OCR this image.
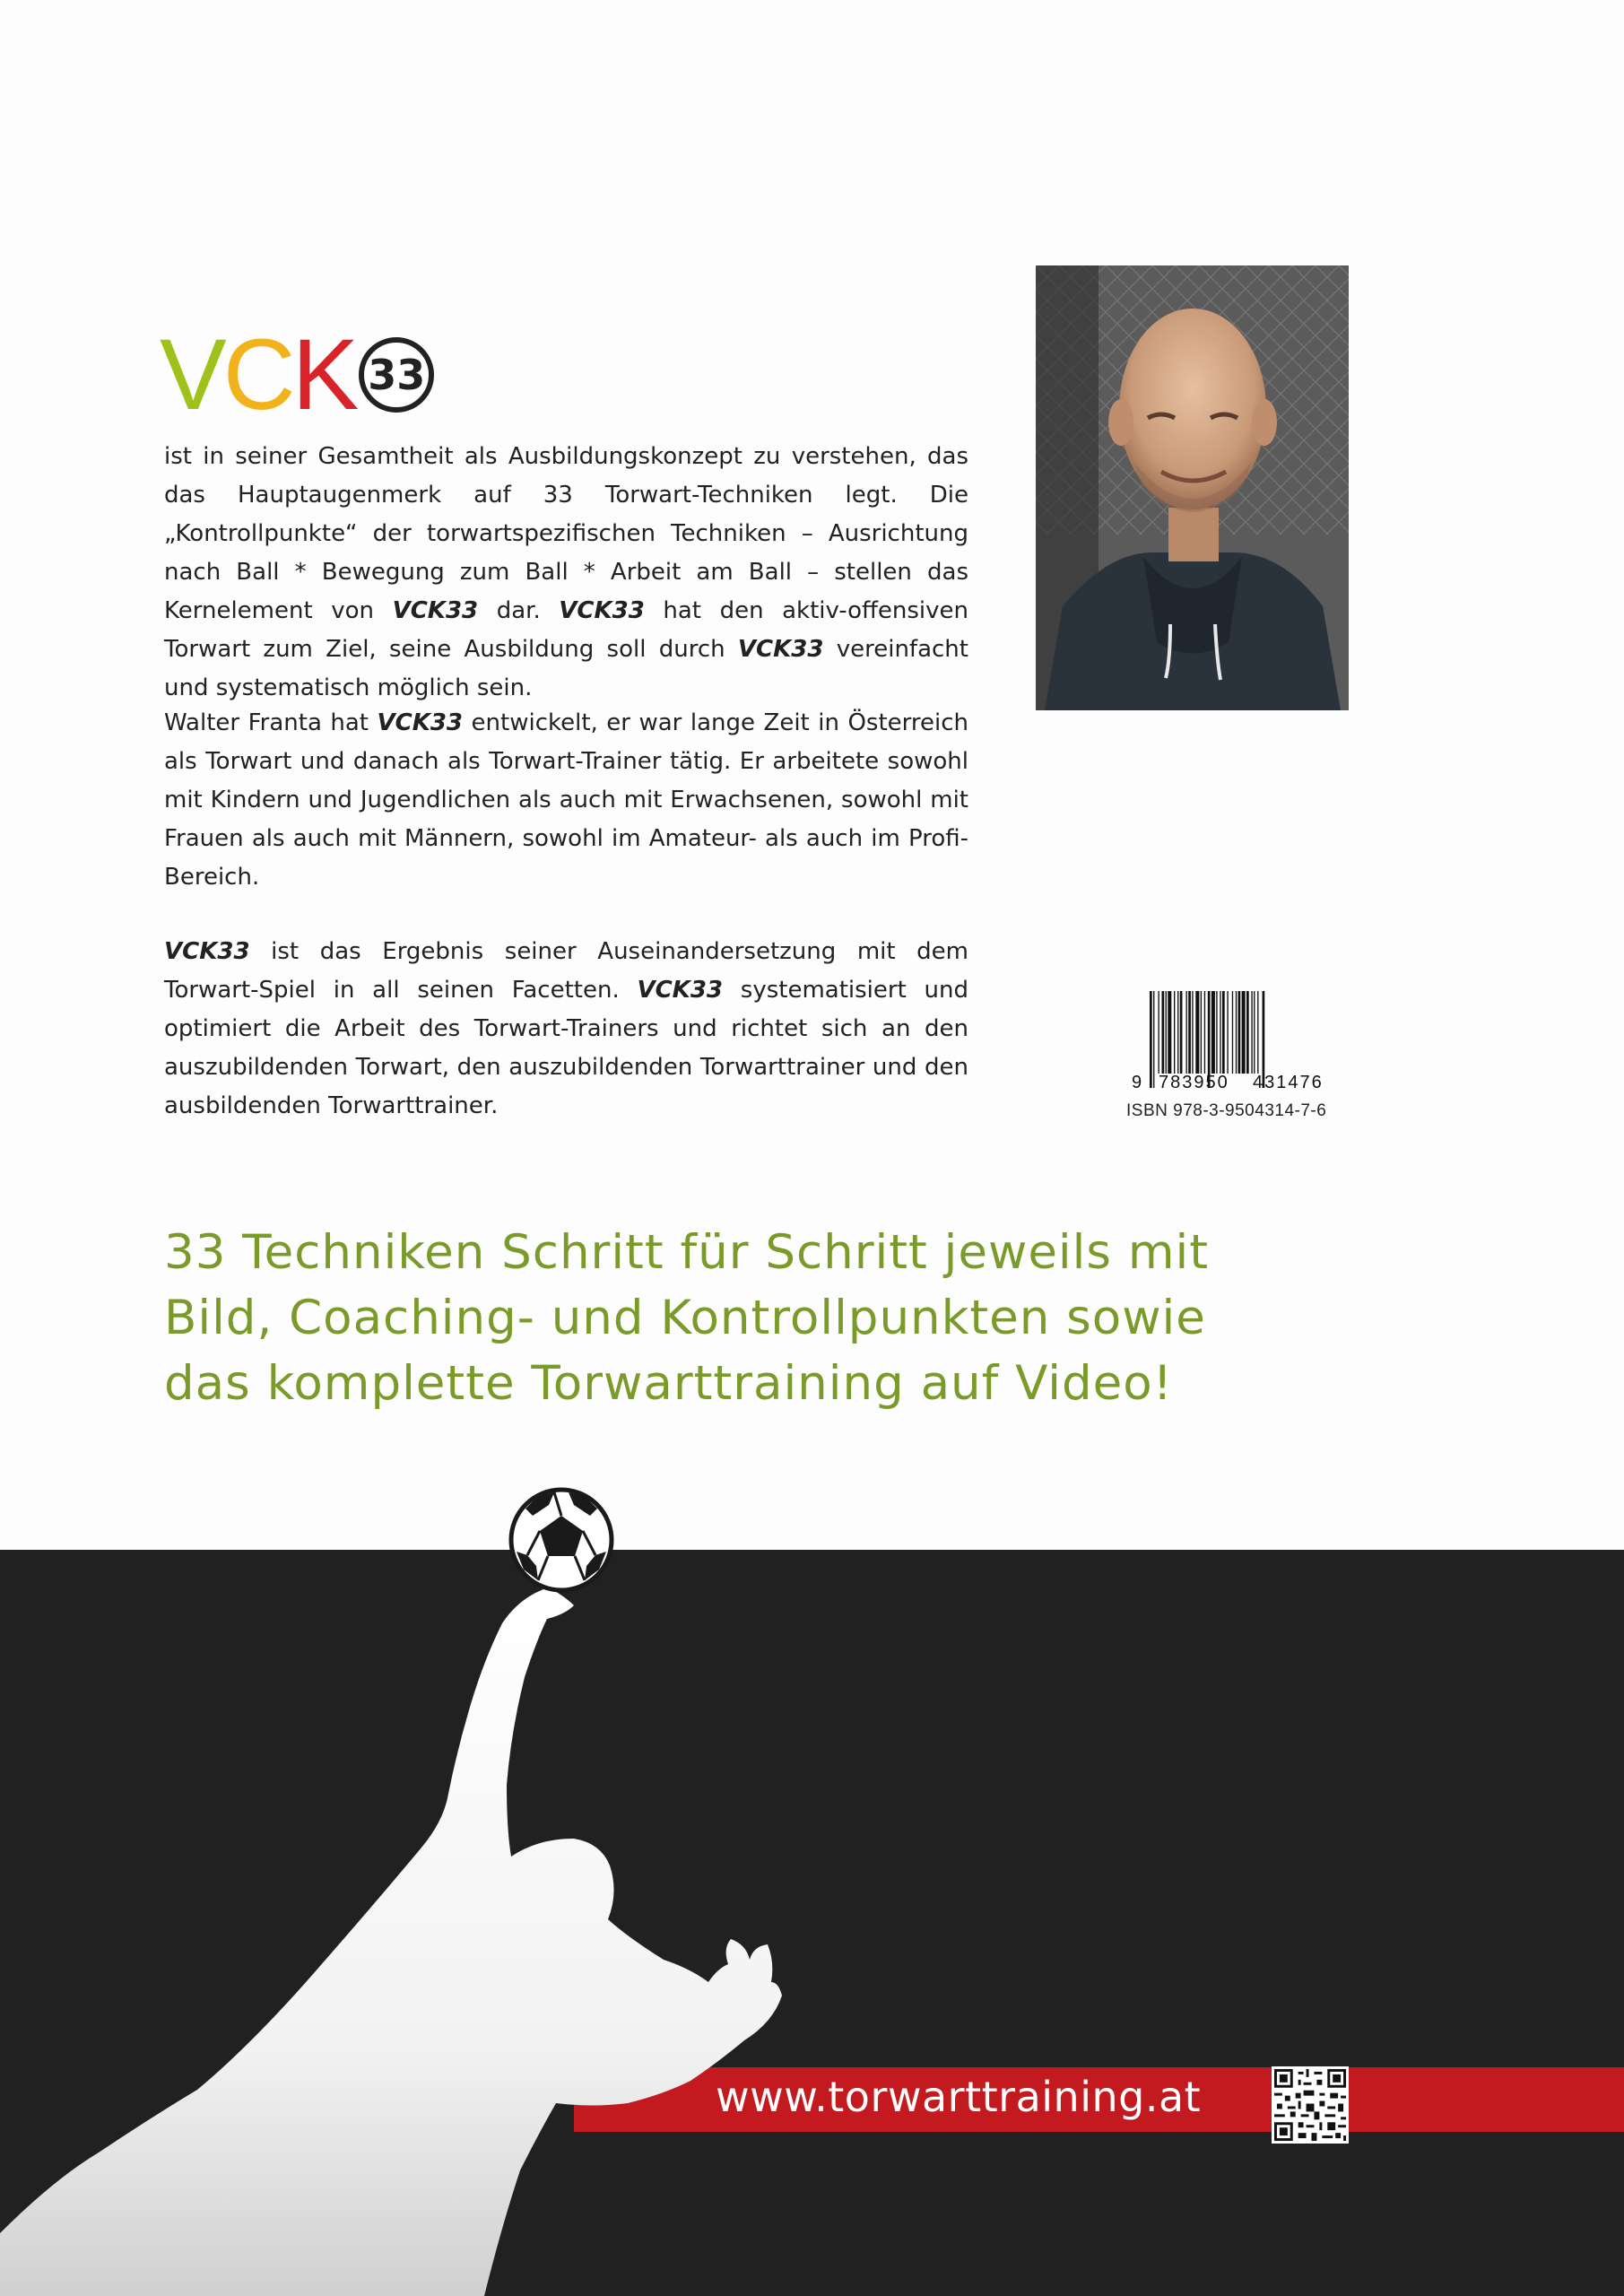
V C K 33
ist in seiner Gesamtheit als Ausbildungskonzept zu verstehen, das das Hauptaugenmerk auf 33 Torwart-Techniken legt. Die „Kontrollpunkte“ der torwartspezifischen Techniken – Ausrichtung nach Ball * Bewegung zum Ball * Arbeit am Ball – stellen das Kernelement von VCK33 dar. VCK33 hat den aktiv-offensiven Torwart zum Ziel, seine Ausbildung soll durch VCK33 vereinfacht und systematisch möglich sein.
Walter Franta hat VCK33 entwickelt, er war lange Zeit in Österreich als Torwart und danach als Torwart-Trainer tätig. Er arbeitete sowohl mit Kindern und Jugendlichen als auch mit Erwachsenen, sowohl mit Frauen als auch mit Männern, sowohl im Amateur- als auch im Profi-Bereich.
VCK33 ist das Ergebnis seiner Auseinandersetzung mit dem Torwart-Spiel in all seinen Facetten. VCK33 systematisiert und optimiert die Arbeit des Torwart-Trainers und richtet sich an den auszubildenden Torwart, den auszubildenden Torwarttrainer und den ausbildenden Torwarttrainer.	ISBN 978-3-9504314-7-6
33 Techniken Schritt für Schritt jeweils mit
Bild, Coaching- und Kontrollpunkten sowie
das komplette Torwarttraining auf Video!
www.torwarttraining.at
9 783950 431476
